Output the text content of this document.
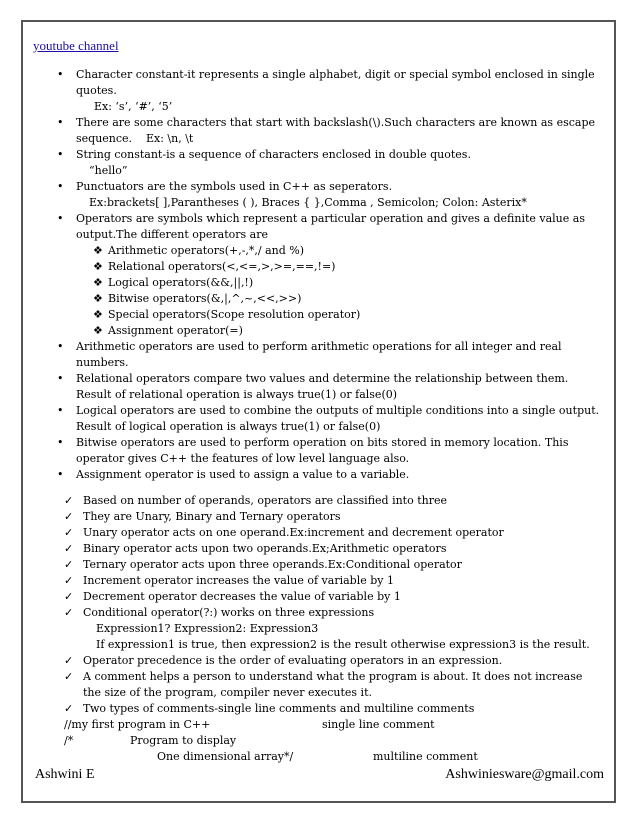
youtube channel
• Character constant-it represents a single alphabet, digit or special symbol enclosed in single quotes.
Ex: ‘s’, ‘#’, ‘5’
• There are some characters that start with backslash(\).Such characters are known as escape sequence.	Ex: \n, \t
• String constant-is a sequence of characters enclosed in double quotes.
“hello”
• Punctuators are the symbols used in C++ as seperators.
Ex:brackets[ ],Parantheses ( ), Braces { },Comma , Semicolon; Colon: Asterix*
• Operators are symbols which represent a particular operation and gives a definite value as output.The different operators are
❖ Arithmetic operators(+,-,*,/ and %)
❖ Relational operators(<,<=,>,>=,==,!=)
❖ Logical operators(&&,||,!)
❖ Bitwise operators(&,|,^,~,<<,>>)
❖ Special operators(Scope resolution operator)
❖ Assignment operator(=)
• Arithmetic operators are used to perform arithmetic operations for all integer and real numbers.
• Relational operators compare two values and determine the relationship between them. Result of relational operation is always true(1) or false(0)
• Logical operators are used to combine the outputs of multiple conditions into a single output. Result of logical operation is always true(1) or false(0)
• Bitwise operators are used to perform operation on bits stored in memory location. This operator gives C++ the features of low level language also.
• Assignment operator is used to assign a value to a variable.
✓ Based on number of operands, operators are classified into three
✓ They are Unary, Binary and Ternary operators
✓ Unary operator acts on one operand.Ex:increment and decrement operator
✓ Binary operator acts upon two operands.Ex;Arithmetic operators
✓ Ternary operator acts upon three operands.Ex:Conditional operator
✓ Increment operator increases the value of variable by 1
✓ Decrement operator decreases the value of variable by 1
✓ Conditional operator(?:) works on three expressions
Expression1? Expression2: Expression3
If expression1 is true, then expression2 is the result otherwise expression3 is the result.
✓ Operator precedence is the order of evaluating operators in an expression.
✓ A comment helps a person to understand what the program is about. It does not increase the size of the program, compiler never executes it.
✓ Two types of comments-single line comments and multiline comments
//my first program in C++	single line comment
/*	Program to display
One dimensional array*/	multiline comment
Ashwini E	Ashwiniesware@gmail.com
